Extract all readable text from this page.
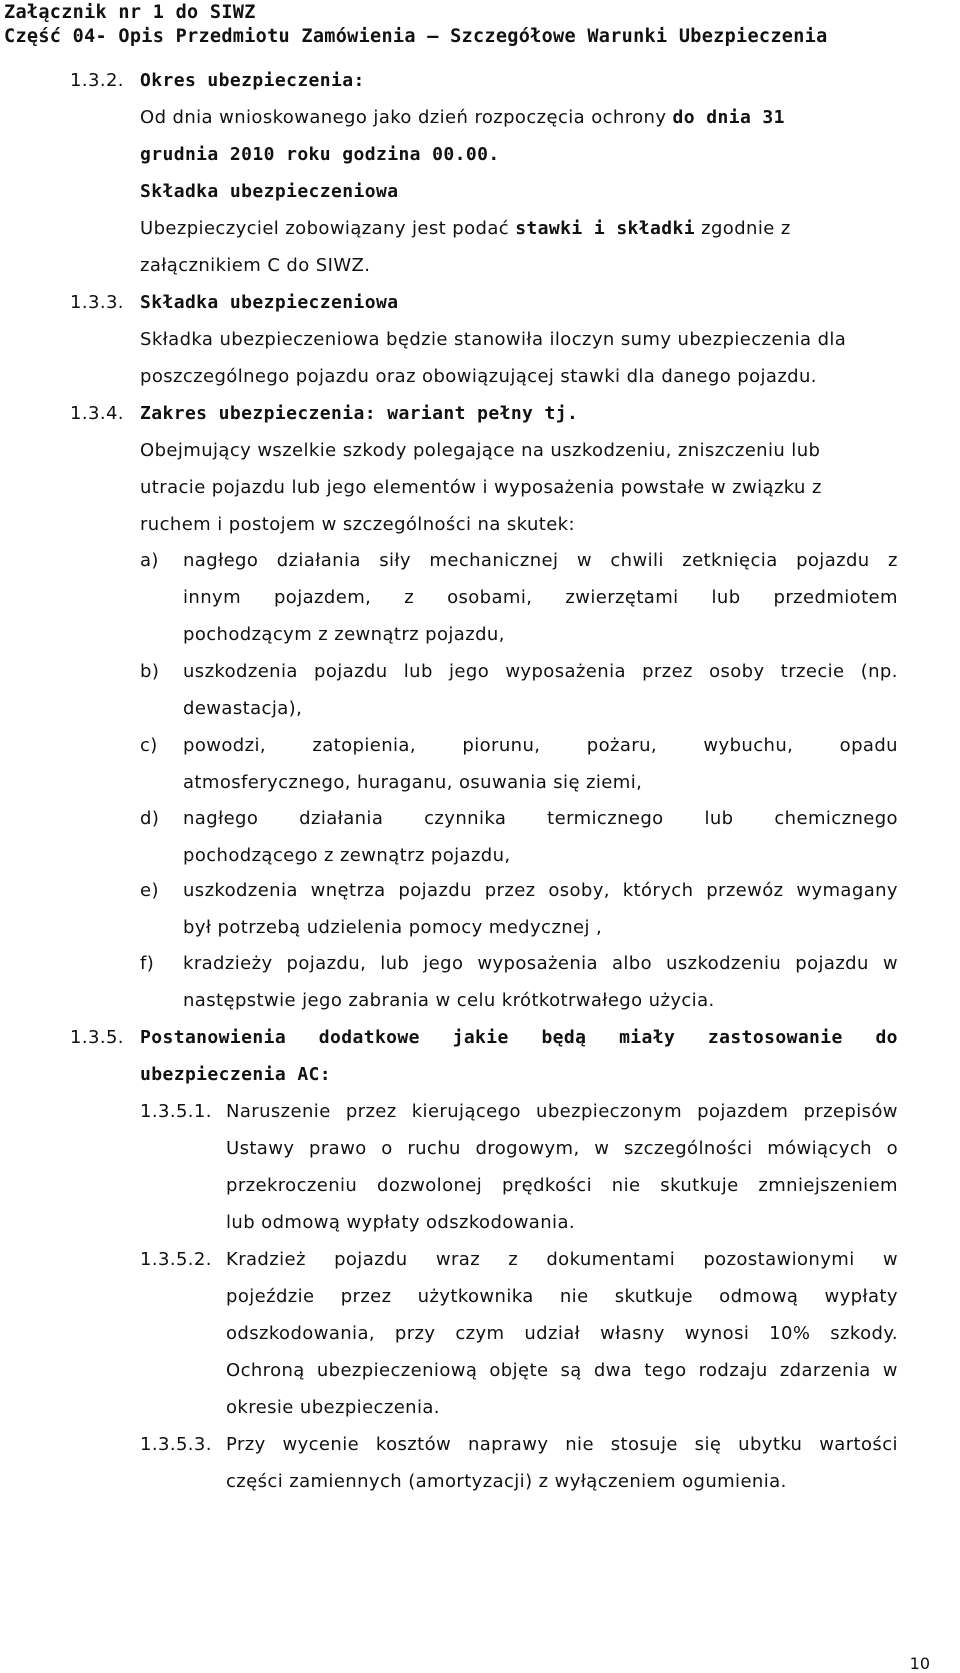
Załącznik nr 1 do SIWZ
Część 04- Opis Przedmiotu Zamówienia – Szczegółowe Warunki Ubezpieczenia
1.3.2. Okres ubezpieczenia:
Od dnia wnioskowanego jako dzień rozpoczęcia ochrony do dnia 31
grudnia 2010 roku godzina 00.00.
Składka ubezpieczeniowa
Ubezpieczyciel zobowiązany jest podać stawki i składki zgodnie z
załącznikiem C do SIWZ.
1.3.3. Składka ubezpieczeniowa
Składka ubezpieczeniowa będzie stanowiła iloczyn sumy ubezpieczenia dla
poszczególnego pojazdu oraz obowiązującej stawki dla danego pojazdu.
1.3.4. Zakres ubezpieczenia: wariant pełny tj.
Obejmujący wszelkie szkody polegające na uszkodzeniu, zniszczeniu lub
utracie pojazdu lub jego elementów i wyposażenia powstałe w związku z
ruchem i postojem w szczególności na skutek:
a) nagłego działania siły mechanicznej w chwili zetknięcia pojazdu z
innym pojazdem, z osobami, zwierzętami lub przedmiotem
pochodzącym z zewnątrz pojazdu,
b) uszkodzenia pojazdu lub jego wyposażenia przez osoby trzecie (np.
dewastacja),
c) powodzi,	zatopienia,	piorunu,	pożaru,	wybuchu,	opadu
atmosferycznego, huraganu, osuwania się ziemi,
d) nagłego działania czynnika termicznego lub chemicznego
pochodzącego z zewnątrz pojazdu,
e) uszkodzenia wnętrza pojazdu przez osoby, których przewóz wymagany
był potrzebą udzielenia pomocy medycznej ,
f) kradzieży pojazdu, lub jego wyposażenia albo uszkodzeniu pojazdu w
następstwie jego zabrania w celu krótkotrwałego użycia.
1.3.5. Postanowienia dodatkowe jakie będą miały zastosowanie do
ubezpieczenia AC:
1.3.5.1. Naruszenie przez kierującego ubezpieczonym pojazdem przepisów
Ustawy prawo o ruchu drogowym, w szczególności mówiących o
przekroczeniu dozwolonej prędkości nie skutkuje zmniejszeniem
lub odmową wypłaty odszkodowania.
1.3.5.2. Kradzież pojazdu wraz z dokumentami pozostawionymi w
pojeździe przez użytkownika nie skutkuje odmową wypłaty
odszkodowania, przy czym udział własny wynosi 10% szkody.
Ochroną ubezpieczeniową objęte są dwa tego rodzaju zdarzenia w
okresie ubezpieczenia.
1.3.5.3. Przy wycenie kosztów naprawy nie stosuje się ubytku wartości
części zamiennych (amortyzacji) z wyłączeniem ogumienia.
10
